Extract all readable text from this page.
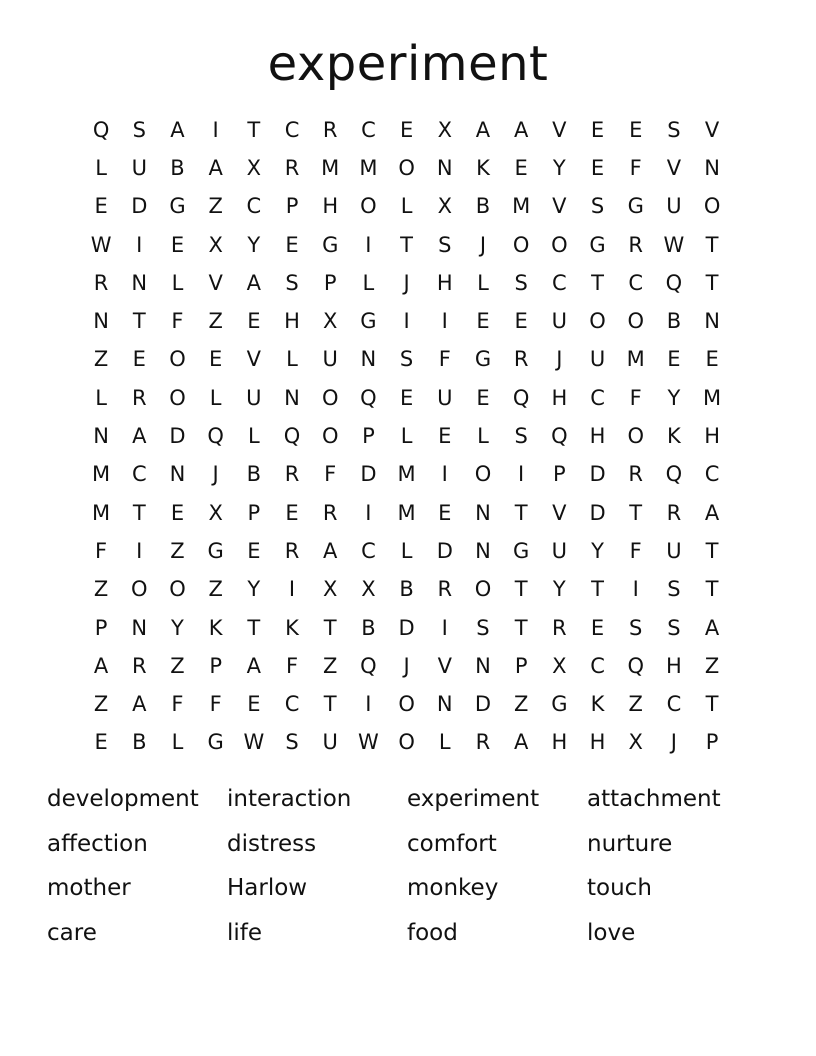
experiment
Q	S	A	I	T	C	R	C	E	X	A	A	V	E	E	S	V
L	U	B	A	X	R	M M O	N	K	E	Y	E	F	V	N
E	D	G	Z	C	P	H	O	L	X	B	M	V	S	G	U	O
W	I	E	X	Y	E	G	I	T	S	J	O	O	G	R W	T
R	N	L	V	A	S	P	L	J	H	L	S	C	T	C	Q	T
N	T	F	Z	E	H	X	G	I	I	E	E	U	O	O	B	N
Z	E	O	E	V	L	U	N	S	F	G	R	J	U	M	E	E
L	R	O	L	U	N	O	Q	E	U	E	Q	H	C	F	Y	M
N	A	D	Q	L	Q	O	P	L	E	L	S	Q	H	O	K	H
M	C	N	J	B	R	F	D	M	I	O	I	P	D	R	Q	C
M	T	E	X	P	E	R	I	M	E	N	T	V	D	T	R	A
F	I	Z	G	E	R	A	C	L	D	N	G	U	Y	F	U	T
Z	O	O	Z	Y	I	X	X	B	R	O	T	Y	T	I	S	T
P	N	Y	K	T	K	T	B	D	I	S	T	R	E	S	S	A
A	R	Z	P	A	F	Z	Q	J	V	N	P	X	C	Q	H	Z
Z	A	F	F	E	C	T	I	O	N	D	Z	G	K	Z	C	T
E	B	L	G W	S	U W O	L	R	A	H	H	X	J	P
development	interaction	experiment	attachment
affection	distress	comfort	nurture
mother	Harlow	monkey	touch
care	life	food	love
